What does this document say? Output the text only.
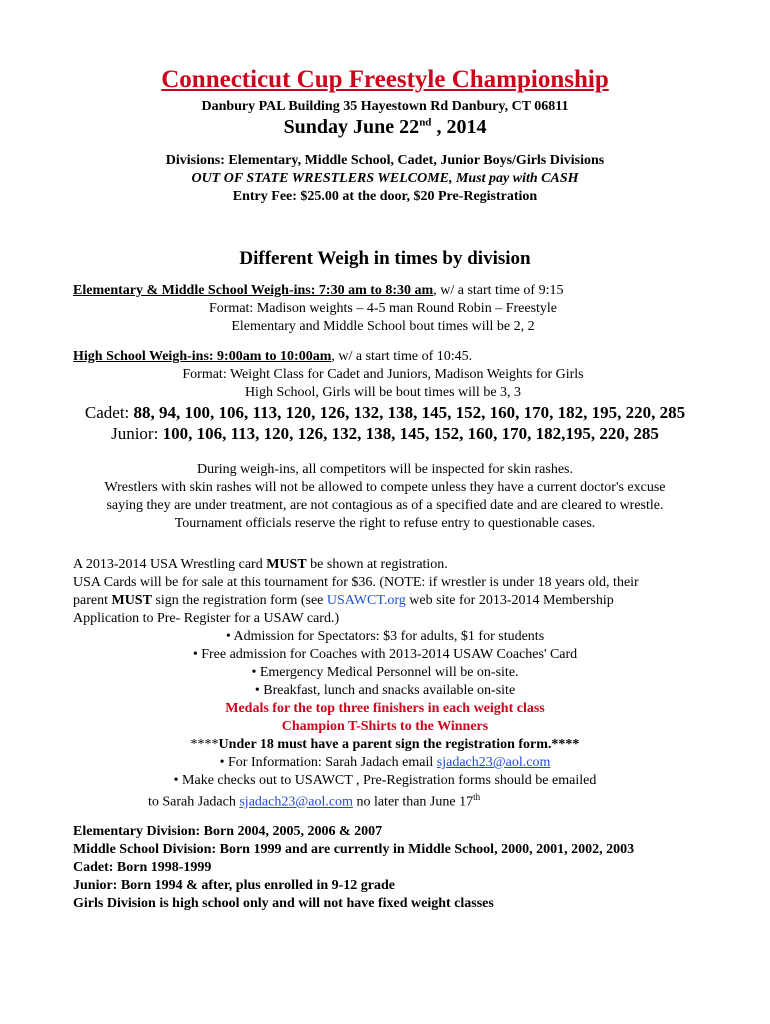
Connecticut Cup Freestyle Championship
Danbury PAL Building 35 Hayestown Rd Danbury, CT 06811
Sunday June 22nd , 2014
Divisions: Elementary, Middle School, Cadet, Junior Boys/Girls Divisions
OUT OF STATE WRESTLERS WELCOME, Must pay with CASH
Entry Fee: $25.00 at the door, $20 Pre-Registration
Different Weigh in times by division
Elementary & Middle School Weigh-ins: 7:30 am to 8:30 am, w/ a start time of 9:15
Format: Madison weights – 4-5 man Round Robin – Freestyle
Elementary and Middle School bout times will be 2, 2
High School Weigh-ins: 9:00am to 10:00am, w/ a start time of 10:45.
Format: Weight Class for Cadet and Juniors, Madison Weights for Girls
High School, Girls will be bout times will be 3, 3
Cadet: 88, 94, 100, 106, 113, 120, 126, 132, 138, 145, 152, 160, 170, 182, 195, 220, 285
Junior: 100, 106, 113, 120, 126, 132, 138, 145, 152, 160, 170, 182,195, 220, 285
During weigh-ins, all competitors will be inspected for skin rashes.
Wrestlers with skin rashes will not be allowed to compete unless they have a current doctor's excuse
saying they are under treatment, are not contagious as of a specified date and are cleared to wrestle.
Tournament officials reserve the right to refuse entry to questionable cases.
A 2013-2014 USA Wrestling card MUST be shown at registration.
USA Cards will be for sale at this tournament for $36. (NOTE: if wrestler is under 18 years old, their
parent MUST sign the registration form (see USAWCT.org web site for 2013-2014 Membership
Application to Pre- Register for a USAW card.)
• Admission for Spectators: $3 for adults, $1 for students
• Free admission for Coaches with 2013-2014 USAW Coaches' Card
• Emergency Medical Personnel will be on-site.
• Breakfast, lunch and snacks available on-site
Medals for the top three finishers in each weight class
Champion T-Shirts to the Winners
****Under 18 must have a parent sign the registration form.****
• For Information: Sarah Jadach email sjadach23@aol.com
• Make checks out to USAWCT , Pre-Registration forms should be emailed
to Sarah Jadach sjadach23@aol.com no later than June 17th
Elementary Division: Born 2004, 2005, 2006 & 2007
Middle School Division: Born 1999 and are currently in Middle School, 2000, 2001, 2002, 2003
Cadet: Born 1998-1999
Junior: Born 1994 & after, plus enrolled in 9-12 grade
Girls Division is high school only and will not have fixed weight classes
